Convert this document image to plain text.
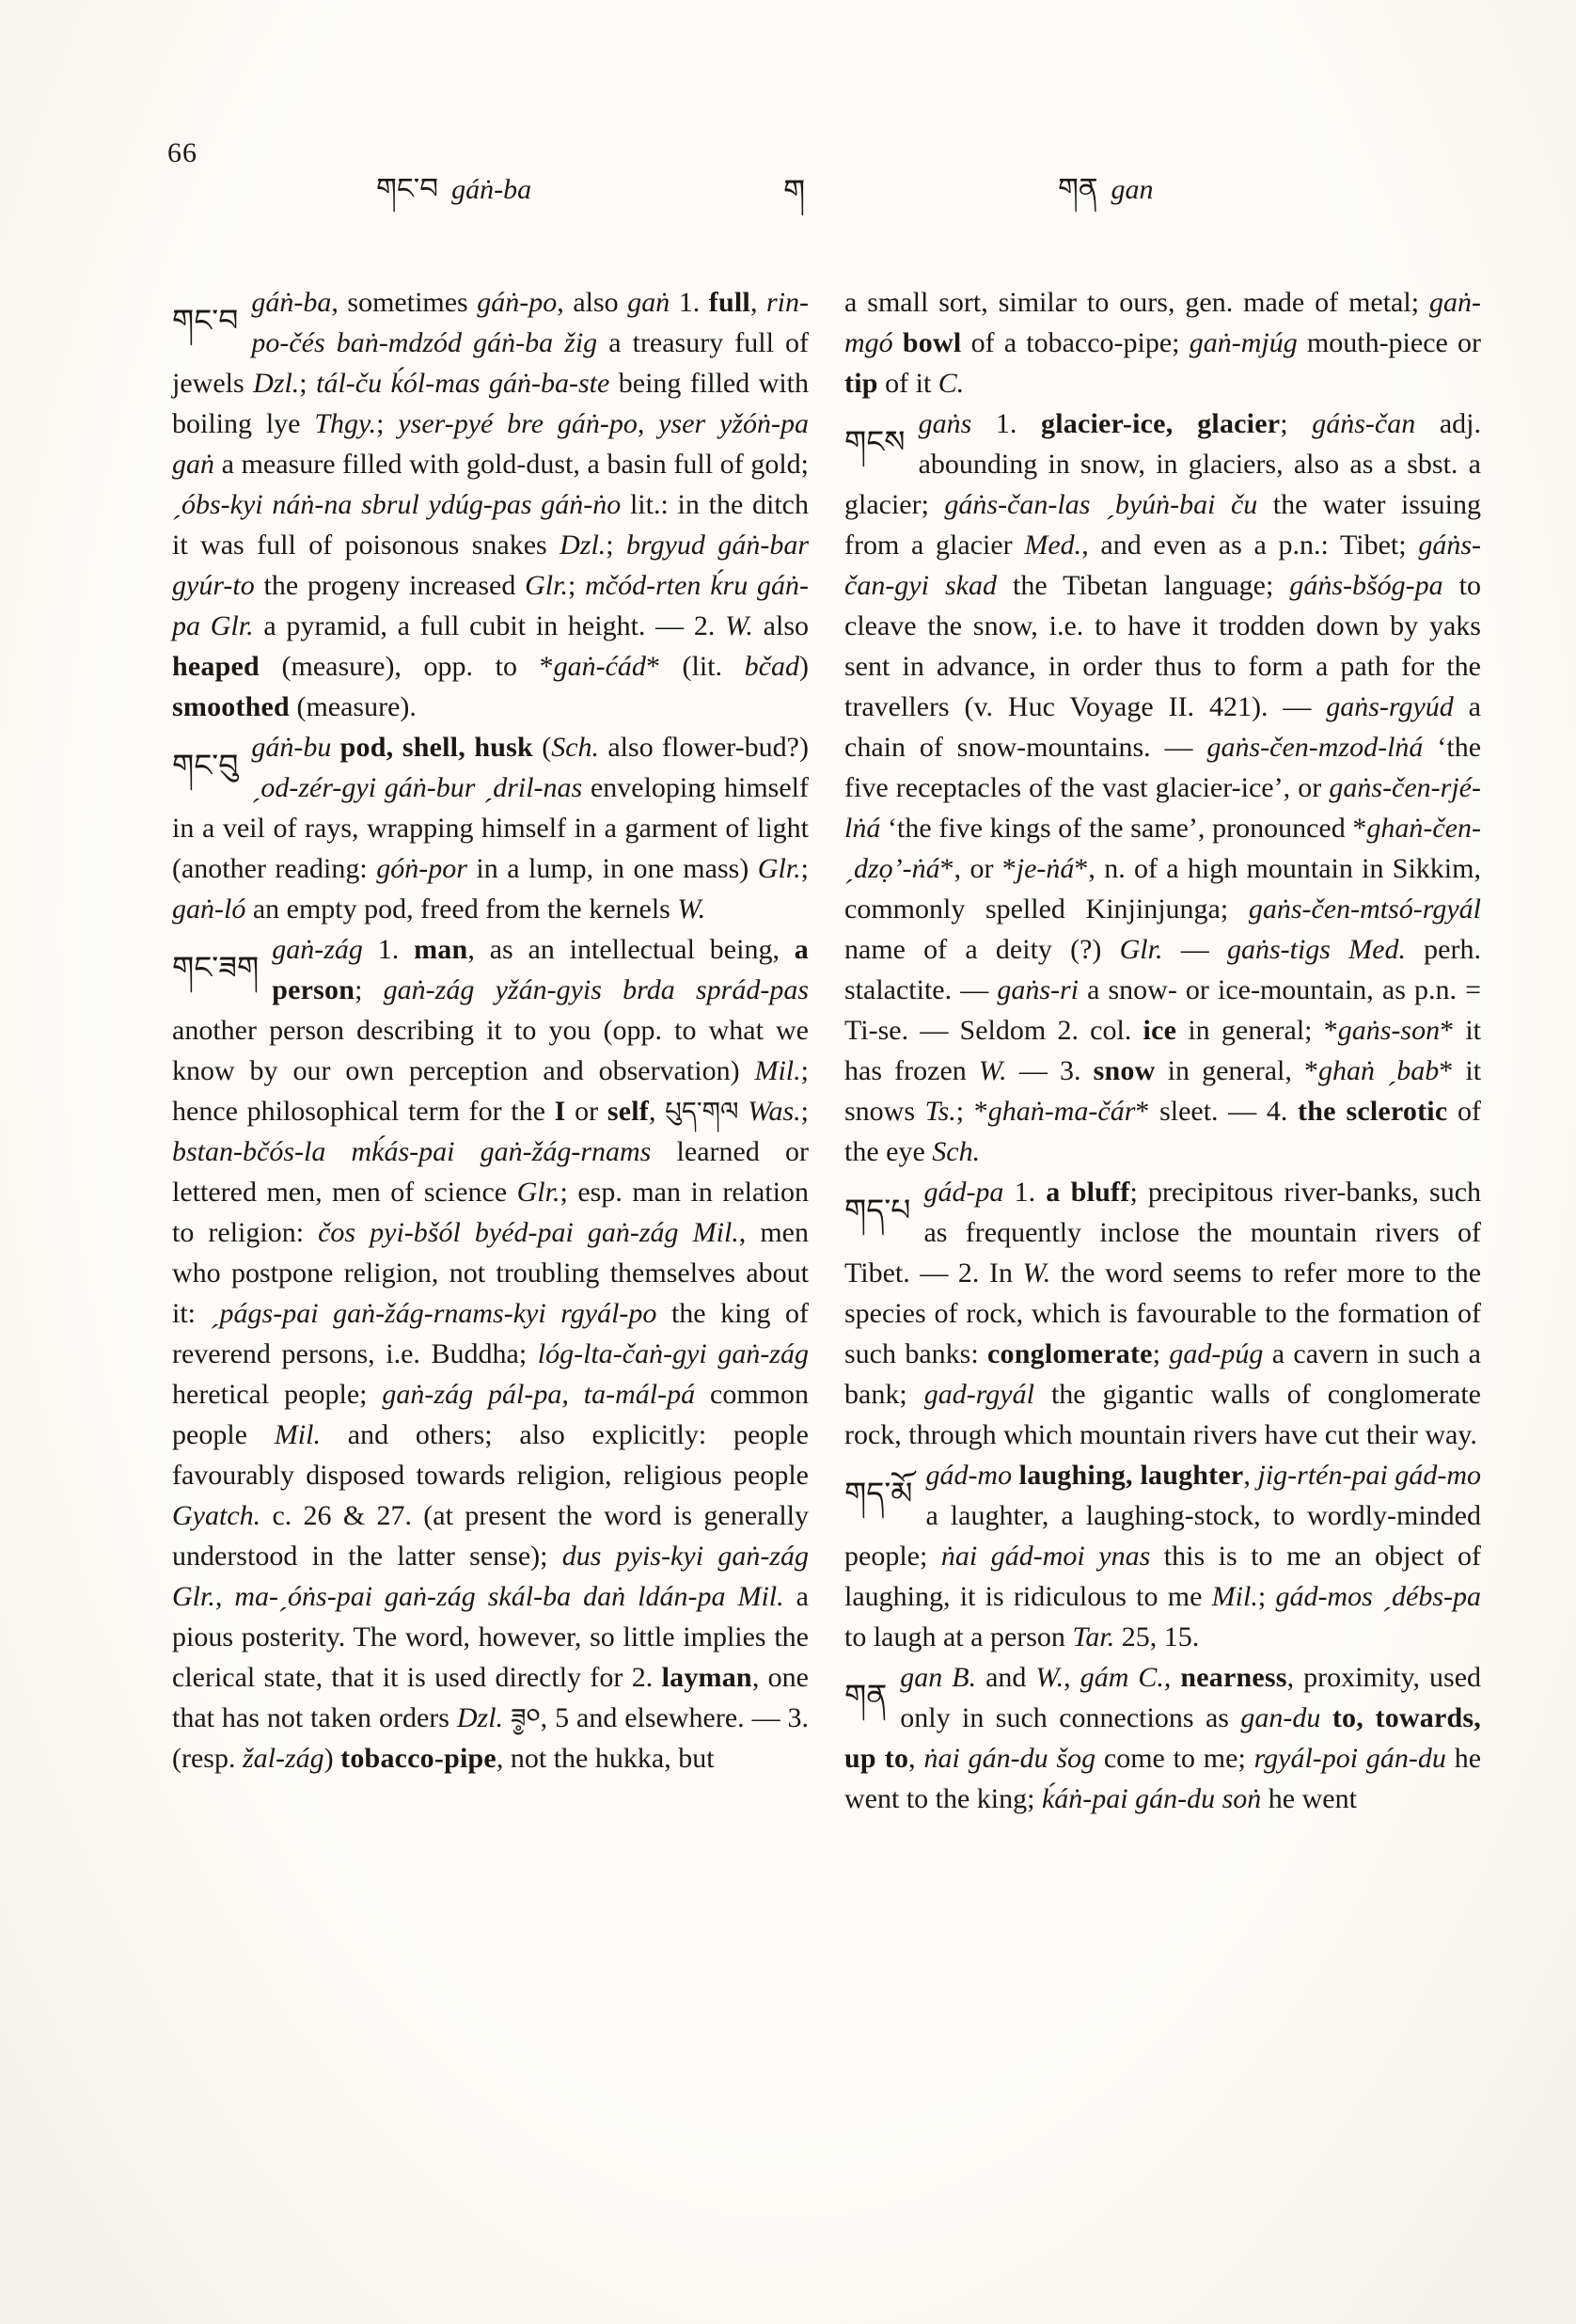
66
གང་བ gáṅ-ba	ག	གན gan
གང་བ gáṅ-ba, sometimes gáṅ-po, also gaṅ 1. full, rin-po-čés baṅ-mdzód gáṅ-ba žig a treasury full of jewels Dzl.; tál-ču ḱól-mas gáṅ-ba-ste being filled with boiling lye Thgy.; yser-pyé bre gáṅ-po, yser yžóṅ-pa gaṅ a measure filled with gold-dust, a basin full of gold; ˏóbs-kyi náṅ-na sbrul ydúg-pas gáṅ-ṅo lit.: in the ditch it was full of poisonous snakes Dzl.; brgyud gáṅ-bar gyúr-to the progeny increased Glr.; mčód-rten ḱru gáṅ-pa Glr. a pyramid, a full cubit in height. — 2. W. also heaped (measure), opp. to *gaṅ-ćád* (lit. bčad) smoothed (measure).
གང་བུ gáṅ-bu pod, shell, husk (Sch. also flower-bud?) ˏod-zér-gyi gáṅ-bur ˏdril-nas enveloping himself in a veil of rays, wrapping himself in a garment of light (another reading: góṅ-por in a lump, in one mass) Glr.; gaṅ-ló an empty pod, freed from the kernels W.
གང་ཟག gaṅ-zág 1. man, as an intellectual being, a person; gaṅ-zág yžán-gyis brda sprád-pas another person describing it to you (opp. to what we know by our own perception and observation) Mil.; hence philosophical term for the I or self, པུད་གལ Was.; bstan-bčós-la mḱás-pai gaṅ-žág-rnams learned or lettered men, men of science Glr.; esp. man in relation to religion: čos pyi-bšól byéd-pai gaṅ-zág Mil., men who postpone religion, not troubling themselves about it: ˏpágs-pai gaṅ-žág-rnams-kyi rgyál-po the king of reverend persons, i.e. Buddha; lóg-lta-čaṅ-gyi gaṅ-zág heretical people; gaṅ-zág pál-pa, ta-mál-pá common people Mil. and others; also explicitly: people favourably disposed towards religion, religious people Gyatch. c. 26 & 27. (at present the word is generally understood in the latter sense); dus pyis-kyi gaṅ-zág Glr., ma-ˏóṅs-pai gaṅ-zág skál-ba daṅ ldán-pa Mil. a pious posterity. The word, however, so little implies the clerical state, that it is used directly for 2. layman, one that has not taken orders Dzl. ཟ༵༠, 5 and elsewhere. — 3. (resp. žal-zág) tobacco-pipe, not the hukka, but
a small sort, similar to ours, gen. made of metal; gaṅ-mgó bowl of a tobacco-pipe; gaṅ-mjúg mouth-piece or tip of it C.
གངས gaṅs 1. glacier-ice, glacier; gáṅs-čan adj. abounding in snow, in glaciers, also as a sbst. a glacier; gáṅs-čan-las ˏbyúṅ-bai ču the water issuing from a glacier Med., and even as a p.n.: Tibet; gáṅs-čan-gyi skad the Tibetan language; gáṅs-bšóg-pa to cleave the snow, i.e. to have it trodden down by yaks sent in advance, in order thus to form a path for the travellers (v. Huc Voyage II. 421). — gaṅs-rgyúd a chain of snow-mountains. — gaṅs-čen-mzod-lṅá ‘the five receptacles of the vast glacier-ice’, or gaṅs-čen-rjé-lṅá ‘the five kings of the same’, pronounced *ghaṅ-čen-ˏdzọ’-ṅá*, or *je-ṅá*, n. of a high mountain in Sikkim, commonly spelled Kinjinjunga; gaṅs-čen-mtsó-rgyál name of a deity (?) Glr. — gaṅs-tigs Med. perh. stalactite. — gaṅs-ri a snow- or ice-mountain, as p.n. = Ti-se. — Seldom 2. col. ice in general; *gaṅs-son* it has frozen W. — 3. snow in general, *ghaṅ ˏbab* it snows Ts.; *ghaṅ-ma-čár* sleet. — 4. the sclerotic of the eye Sch.
གད་པ gád-pa 1. a bluff; precipitous river-banks, such as frequently inclose the mountain rivers of Tibet. — 2. In W. the word seems to refer more to the species of rock, which is favourable to the formation of such banks: conglomerate; gad-púg a cavern in such a bank; gad-rgyál the gigantic walls of conglomerate rock, through which mountain rivers have cut their way.
གད་མོ gád-mo laughing, laughter, jig-rtén-pai gád-mo a laughter, a laughing-stock, to wordly-minded people; ṅai gád-moi ynas this is to me an object of laughing, it is ridiculous to me Mil.; gád-mos ˏdébs-pa to laugh at a person Tar. 25, 15.
གན gan B. and W., gám C., nearness, proximity, used only in such connections as gan-du to, towards, up to, ṅai gán-du šog come to me; rgyál-poi gán-du he went to the king; ḱáṅ-pai gán-du soṅ he went
